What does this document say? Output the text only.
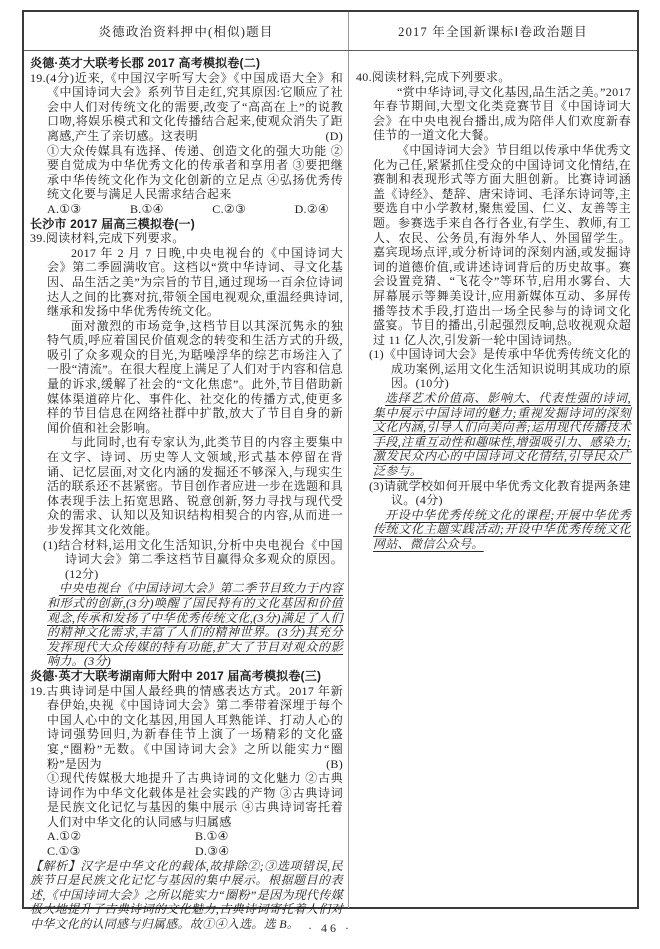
炎德政治资料押中(相似)题目	2017 年全国新课标Ⅰ卷政治题目

炎德·英才大联考长郡 2017 高考模拟卷(二)

19.(4分)近来,《中国汉字听写大会》《中国成语大全》和《中国诗词大会》系列节目走红,究其原因:它顺应了社会中人们对传统文化的需要,改变了“高高在上”的说教口吻,将娱乐模式和文化传播结合起来,使观众消失了距离感,产生了亲切感。这表明	(D)

①大众传媒具有选择、传递、创造文化的强大功能 ②要自觉成为中华优秀文化的传承者和享用者 ③要把继承中华传统文化作为文化创新的立足点 ④弘扬优秀传统文化要与满足人民需求结合起来

A.①③	B.①④	C.②③	D.②④

长沙市 2017 届高三模拟卷(一)

39.阅读材料,完成下列要求。

2017 年 2 月 7 日晚,中央电视台的《中国诗词大会》第二季圆满收官。这档以“赏中华诗词、寻文化基因、品生活之美”为宗旨的节目,通过现场一百余位诗词达人之间的比赛对抗,带领全国电视观众,重温经典诗词,继承和发扬中华优秀传统文化。

面对激烈的市场竞争,这档节目以其深沉隽永的独特气质,呼应着国民价值观念的转变和生活方式的升级,吸引了众多观众的目光,为聒噪浮华的综艺市场注入了一股“清流”。在很大程度上满足了人们对于内容和信息量的诉求,缓解了社会的“文化焦虑”。此外,节目借助新媒体渠道碎片化、事件化、社交化的传播方式,使更多样的节目信息在网络社群中扩散,放大了节目自身的新闻价值和社会影响。

与此同时,也有专家认为,此类节目的内容主要集中在文字、诗词、历史等人文领域,形式基本停留在背诵、记忆层面,对文化内涵的发掘还不够深入,与现实生活的联系还不甚紧密。节目创作者应进一步在选题和具体表现手法上拓宽思路、锐意创新,努力寻找与现代受众的需求、认知以及知识结构相契合的内容,从而进一步发挥其文化效能。

(1)结合材料,运用文化生活知识,分析中央电视台《中国诗词大会》第二季这档节目赢得众多观众的原因。(12分)

中央电视台《中国诗词大会》第二季节目致力于内容和形式的创新,(3分)唤醒了国民特有的文化基因和价值观念,传承和发扬了中华优秀传统文化,(3分)满足了人们的精神文化需求,丰富了人们的精神世界。(3分)其充分发挥现代大众传媒的特有功能,扩大了节目对观众的影响力。(3分)

炎德·英才大联考湖南师大附中 2017 届高考模拟卷(三)

19.古典诗词是中国人最经典的情感表达方式。2017 年新春伊始,央视《中国诗词大会》第二季带着深埋于每个中国人心中的文化基因,用国人耳熟能详、打动人心的诗词强势回归,为新春佳节上演了一场精彩的文化盛宴,“圈粉”无数。《中国诗词大会》之所以能实力“圈粉”是因为	(B)

①现代传媒极大地提升了古典诗词的文化魅力 ②古典诗词作为中华文化载体是社会实践的产物 ③古典诗词是民族文化记忆与基因的集中展示 ④古典诗词寄托着人们对中华文化的认同感与归属感

A.①②	B.①④
C.①③	D.③④

【解析】汉字是中华文化的载体,故排除②;③选项错误,民族节日是民族文化记忆与基因的集中展示。根据题目的表述,《中国诗词大会》之所以能实力“圈粉”是因为现代传媒极大地提升了古典诗词的文化魅力,古典诗词寄托着人们对中华文化的认同感与归属感。故①④入选。选 B。

40.阅读材料,完成下列要求。

“赏中华诗词,寻文化基因,品生活之美。”2017 年春节期间,大型文化类竞赛节目《中国诗词大会》在中央电视台播出,成为陪伴人们欢度新春佳节的一道文化大餐。

《中国诗词大会》节目组以传承中华优秀文化为己任,紧紧抓住受众的中国诗词文化情结,在赛制和表现形式等方面大胆创新。比赛诗词涵盖《诗经》、楚辞、唐宋诗词、毛泽东诗词等,主要选自中小学教材,聚焦爱国、仁义、友善等主题。参赛选手来自各行各业,有学生、教师,有工人、农民、公务员,有海外华人、外国留学生。嘉宾现场点评,或分析诗词的深刻内涵,或发掘诗词的道德价值,或讲述诗词背后的历史故事。赛会设置竞猜、“飞花令”等环节,启用水雾台、大屏幕展示等舞美设计,应用新媒体互动、多屏传播等技术手段,打造出一场全民参与的诗词文化盛宴。节目的播出,引起强烈反响,总收视观众超过 11 亿人次,引发新一轮中国诗词热。

(1)《中国诗词大会》是传承中华优秀传统文化的成功案例,运用文化生活知识说明其成功的原因。(10分)

选择艺术价值高、影响大、代表性强的诗词,集中展示中国诗词的魅力;重视发掘诗词的深刻文化内涵,引导人们向美向善;运用现代传播技术手段,注重互动性和趣味性,增强吸引力、感染力;激发民众内心的中国诗词文化情结,引导民众广泛参与。

(3)请就学校如何开展中华优秀文化教育提两条建议。(4分)

开设中华优秀传统文化的课程;开展中华优秀传统文化主题实践活动;开设中华优秀传统文化网站、微信公众号。

· 46 ·
